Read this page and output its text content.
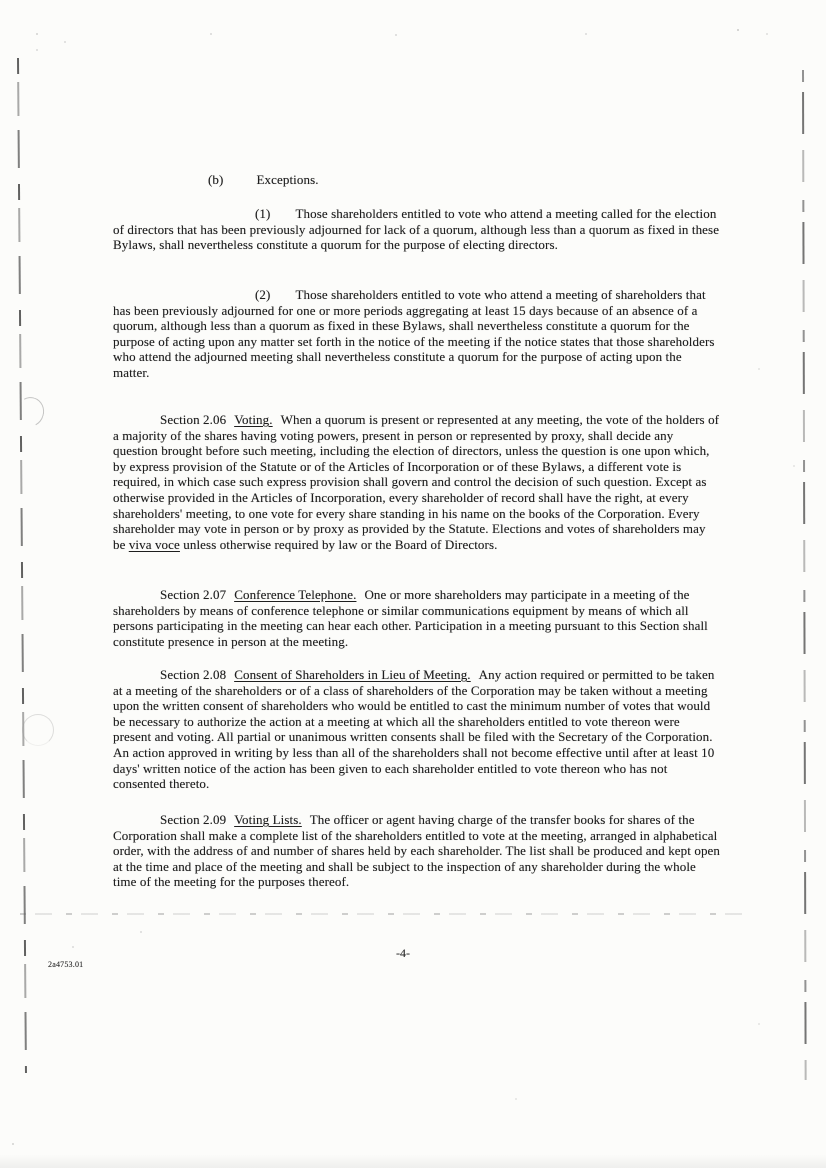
(b)	Exceptions.

(1) Those shareholders entitled to vote who attend a meeting called for the election of directors that has been previously adjourned for lack of a quorum, although less than a quorum as fixed in these Bylaws, shall nevertheless constitute a quorum for the purpose of electing directors.

(2) Those shareholders entitled to vote who attend a meeting of shareholders that has been previously adjourned for one or more periods aggregating at least 15 days because of an absence of a quorum, although less than a quorum as fixed in these Bylaws, shall nevertheless constitute a quorum for the purpose of acting upon any matter set forth in the notice of the meeting if the notice states that those shareholders who attend the adjourned meeting shall nevertheless constitute a quorum for the purpose of acting upon the matter.

Section 2.06 Voting. When a quorum is present or represented at any meeting, the vote of the holders of a majority of the shares having voting powers, present in person or represented by proxy, shall decide any question brought before such meeting, including the election of directors, unless the question is one upon which, by express provision of the Statute or of the Articles of Incorporation or of these Bylaws, a different vote is required, in which case such express provision shall govern and control the decision of such question. Except as otherwise provided in the Articles of Incorporation, every shareholder of record shall have the right, at every shareholders' meeting, to one vote for every share standing in his name on the books of the Corporation. Every shareholder may vote in person or by proxy as provided by the Statute. Elections and votes of shareholders may be viva voce unless otherwise required by law or the Board of Directors.

Section 2.07 Conference Telephone. One or more shareholders may participate in a meeting of the shareholders by means of conference telephone or similar communications equipment by means of which all persons participating in the meeting can hear each other. Participation in a meeting pursuant to this Section shall constitute presence in person at the meeting.

Section 2.08 Consent of Shareholders in Lieu of Meeting. Any action required or permitted to be taken at a meeting of the shareholders or of a class of shareholders of the Corporation may be taken without a meeting upon the written consent of shareholders who would be entitled to cast the minimum number of votes that would be necessary to authorize the action at a meeting at which all the shareholders entitled to vote thereon were present and voting. All partial or unanimous written consents shall be filed with the Secretary of the Corporation. An action approved in writing by less than all of the shareholders shall not become effective until after at least 10 days' written notice of the action has been given to each shareholder entitled to vote thereon who has not consented thereto.

Section 2.09 Voting Lists. The officer or agent having charge of the transfer books for shares of the Corporation shall make a complete list of the shareholders entitled to vote at the meeting, arranged in alphabetical order, with the address of and number of shares held by each shareholder. The list shall be produced and kept open at the time and place of the meeting and shall be subject to the inspection of any shareholder during the whole time of the meeting for the purposes thereof.

2a4753.01
-4-
